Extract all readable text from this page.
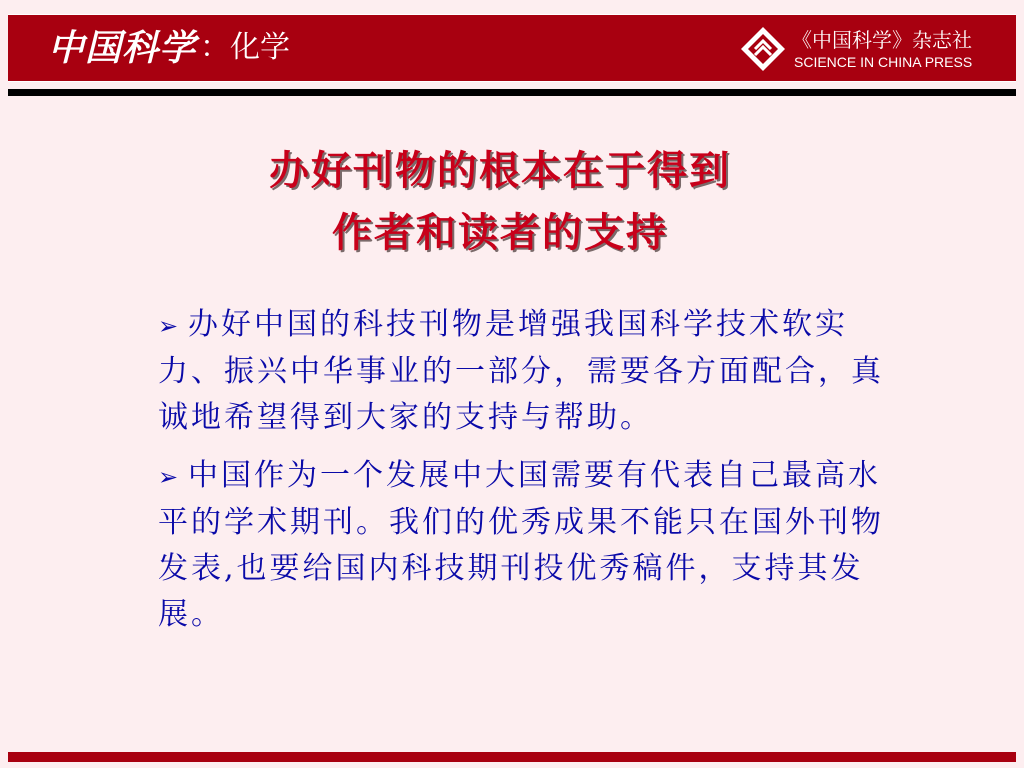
中国科学 ：化学	《中国科学》杂志社
SCIENCE IN CHINA PRESS
办好刊物的根本在于得到
作者和读者的支持
➢ 办好中国的科技刊物是增强我国科学技术软实力、振兴中华事业的一部分，需要各方面配合，真诚地希望得到大家的支持与帮助。
➢ 中国作为一个发展中大国需要有代表自己最高水平的学术期刊。我们的优秀成果不能只在国外刊物发表,也要给国内科技期刊投优秀稿件，支持其发展。
